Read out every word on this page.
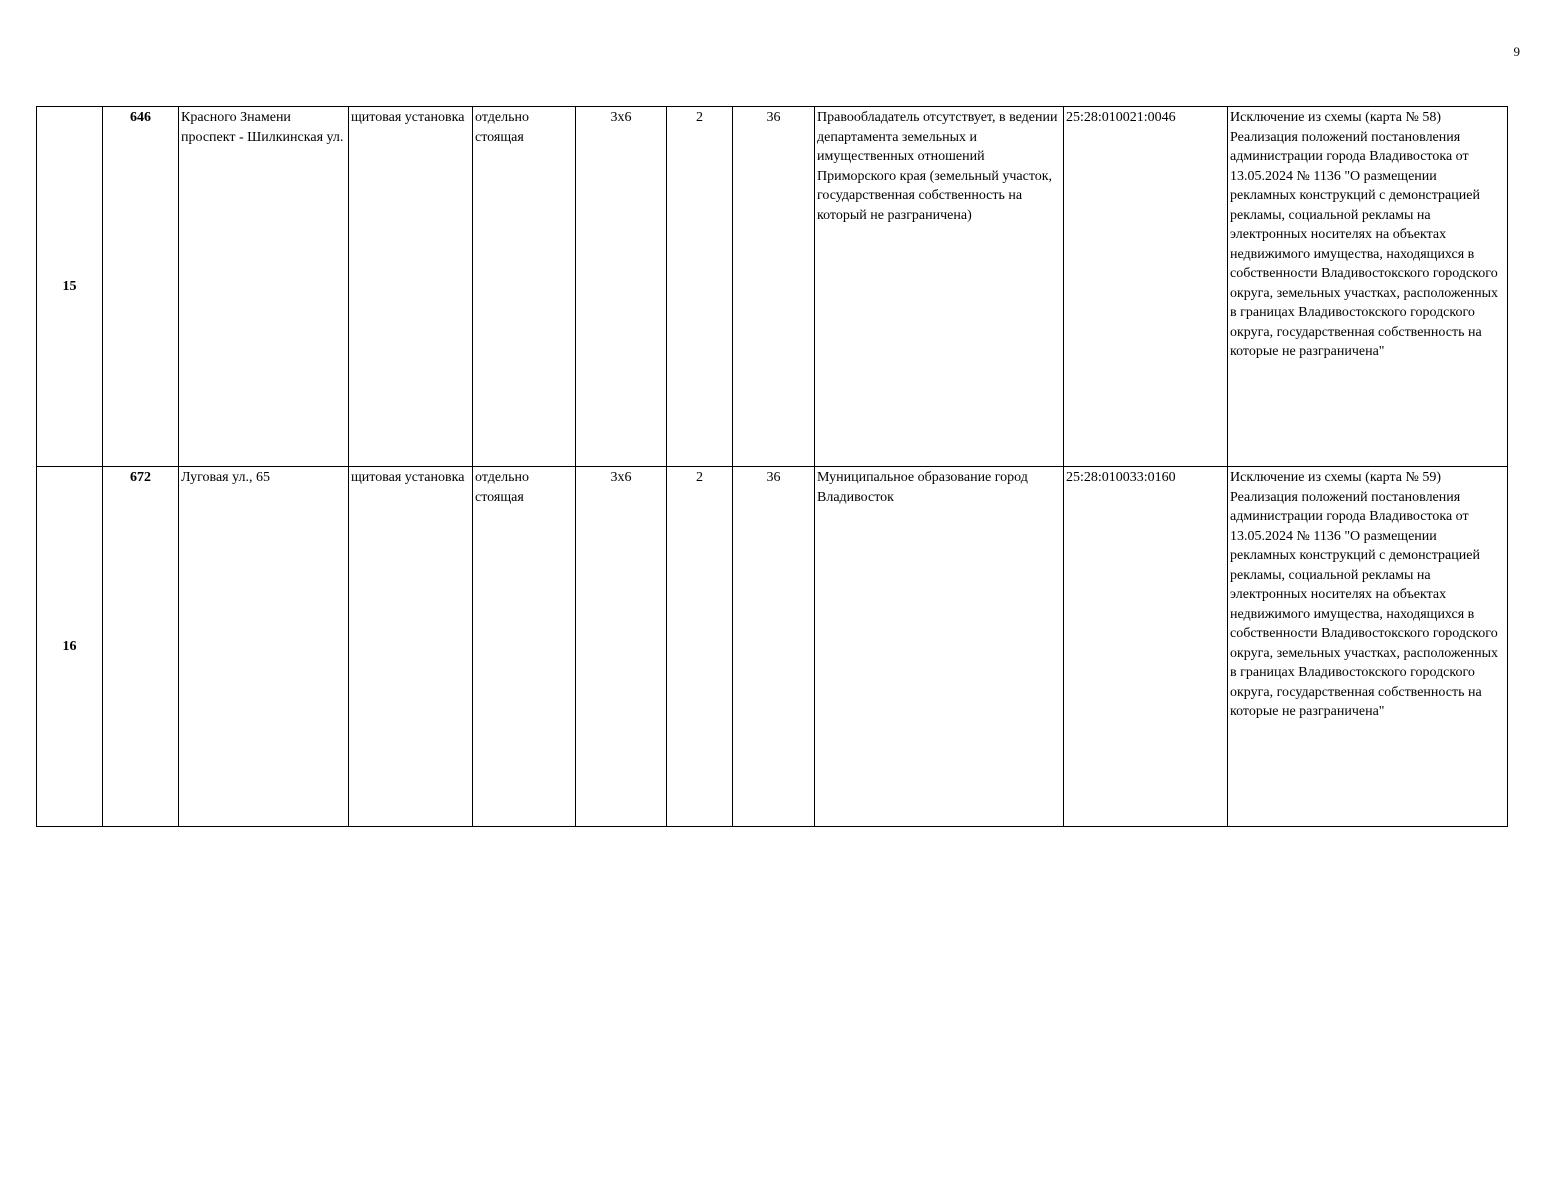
9
15	646	Красного Знамени проспект - Шилкинская ул.	щитовая установка	отдельно стоящая	3х6	2	36	Правообладатель отсутствует, в ведении департамента земельных и имущественных отношений Приморского края (земельный участок, государственная собственность на который не разграничена)	25:28:010021:0046	Исключение из схемы (карта № 58) Реализация положений постановления администрации города Владивостока от 13.05.2024 № 1136 "О размещении рекламных конструкций с демонстрацией рекламы, социальной рекламы на электронных носителях на объектах недвижимого имущества, находящихся в собственности Владивостокского городского округа, земельных участках, расположенных в границах Владивостокского городского округа, государственная собственность на которые не разграничена"
16	672	Луговая ул., 65	щитовая установка	отдельно стоящая	3х6	2	36	Муниципальное образование город Владивосток	25:28:010033:0160	Исключение из схемы (карта № 59) Реализация положений постановления администрации города Владивостока от 13.05.2024 № 1136 "О размещении рекламных конструкций с демонстрацией рекламы, социальной рекламы на электронных носителях на объектах недвижимого имущества, находящихся в собственности Владивостокского городского округа, земельных участках, расположенных в границах Владивостокского городского округа, государственная собственность на которые не разграничена"
